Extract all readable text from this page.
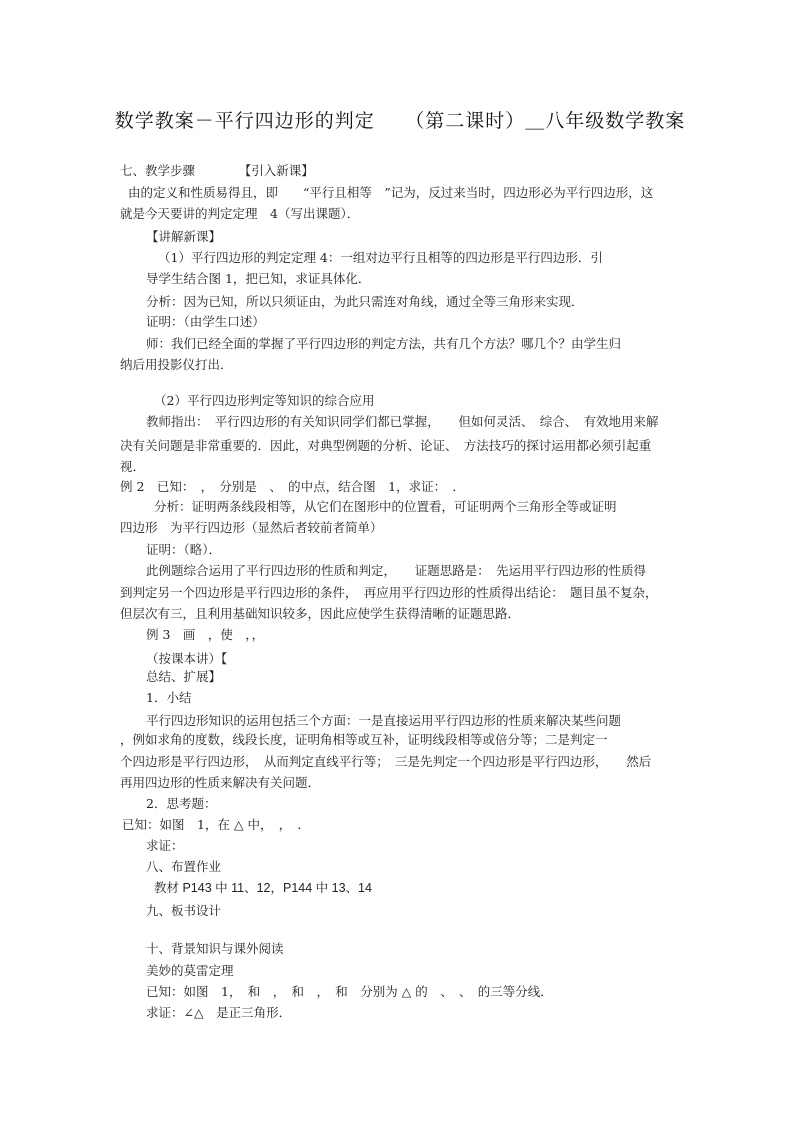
数学教案－平行四边形的判定　　（第二课时）＿八年级数学教案
七、教学步骤　　　　【引入新课】
由的定义和性质易得且，即　　“平行且相等　”记为，反过来当时，四边形必为平行四边形，这
就是今天要讲的判定定理　4（写出课题）．
【讲解新课】
（1）平行四边形的判定定理 4：一组对边平行且相等的四边形是平行四边形．引
导学生结合图 1，把已知，求证具体化．
分析：因为已知，所以只须证由，为此只需连对角线，通过全等三角形来实现．
证明：（由学生口述）
师：我们已经全面的掌握了平行四边形的判定方法，共有几个方法？哪几个？由学生归
纳后用投影仪打出．
（2）平行四边形判定等知识的综合应用
教师指出：　平行四边形的有关知识同学们都已掌握，　　但如何灵活、　综合、　有效地用来解
决有关问题是非常重要的．因此，对典型例题的分析、论证、　方法技巧的探讨运用都必须引起重
视．
例 2　已知：　，　分别是　、　的中点，结合图　1，求证：　．
分析：证明两条线段相等，从它们在图形中的位置看，可证明两个三角形全等或证明
四边形　为平行四边形（显然后者较前者简单）
证明：（略）．
此例题综合运用了平行四边形的性质和判定，　　证题思路是：　先运用平行四边形的性质得
到判定另一个四边形是平行四边形的条件，　再应用平行四边形的性质得出结论：　题目虽不复杂，
但层次有三，且利用基础知识较多，因此应使学生获得清晰的证题思路．
例 3　画　，使　，，
（按课本讲）【
总结、扩展】
1．小结
平行四边形知识的运用包括三个方面：一是直接运用平行四边形的性质来解决某些问题
，例如求角的度数，线段长度，证明角相等或互补，证明线段相等或倍分等；二是判定一
个四边形是平行四边形，　从而判定直线平行等；　三是先判定一个四边形是平行四边形，　　然后
再用四边形的性质来解决有关问题．
2．思考题：
已知：如图　1，在 △ 中，　，　．
求证：
八、布置作业
教材 P143 中 11、12，P144 中 13、14
九、板书设计
十、背景知识与课外阅读
美妙的莫雷定理
已知：如图　1，　和　，　和　，　和　分别为 △ 的　、　、　的三等分线．
求证：∠△　是正三角形．
